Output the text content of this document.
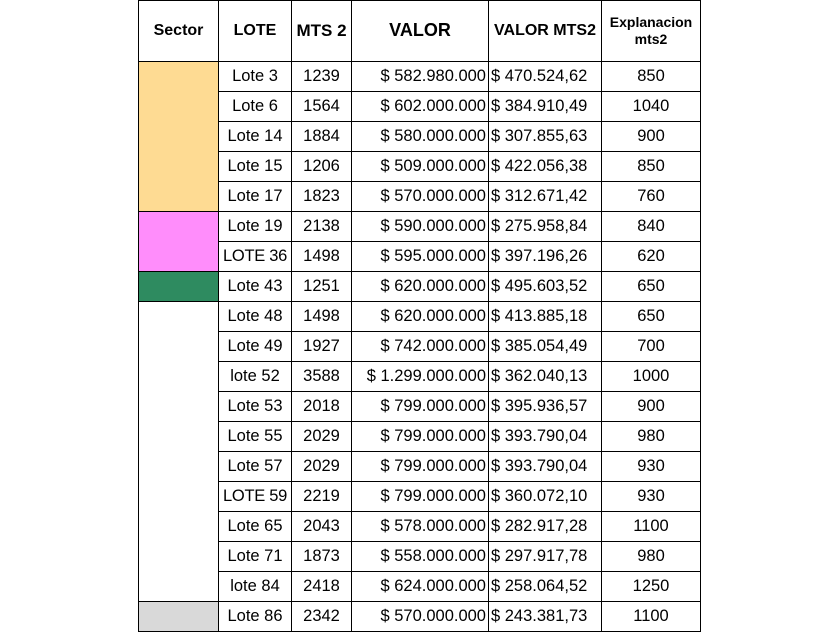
Sector	LOTE	MTS 2	VALOR	VALOR MTS2	Explanacion mts2
	Lote 3	1239	$ 582.980.000	$ 470.524,62	850
	Lote 6	1564	$ 602.000.000	$ 384.910,49	1040
	Lote 14	1884	$ 580.000.000	$ 307.855,63	900
	Lote 15	1206	$ 509.000.000	$ 422.056,38	850
	Lote 17	1823	$ 570.000.000	$ 312.671,42	760
	Lote 19	2138	$ 590.000.000	$ 275.958,84	840
	LOTE 36	1498	$ 595.000.000	$ 397.196,26	620
	Lote 43	1251	$ 620.000.000	$ 495.603,52	650
	Lote 48	1498	$ 620.000.000	$ 413.885,18	650
	Lote 49	1927	$ 742.000.000	$ 385.054,49	700
	lote 52	3588	$ 1.299.000.000	$ 362.040,13	1000
	Lote 53	2018	$ 799.000.000	$ 395.936,57	900
	Lote 55	2029	$ 799.000.000	$ 393.790,04	980
	Lote 57	2029	$ 799.000.000	$ 393.790,04	930
	LOTE 59	2219	$ 799.000.000	$ 360.072,10	930
	Lote 65	2043	$ 578.000.000	$ 282.917,28	1100
	Lote 71	1873	$ 558.000.000	$ 297.917,78	980
	lote 84	2418	$ 624.000.000	$ 258.064,52	1250
	Lote 86	2342	$ 570.000.000	$ 243.381,73	1100
